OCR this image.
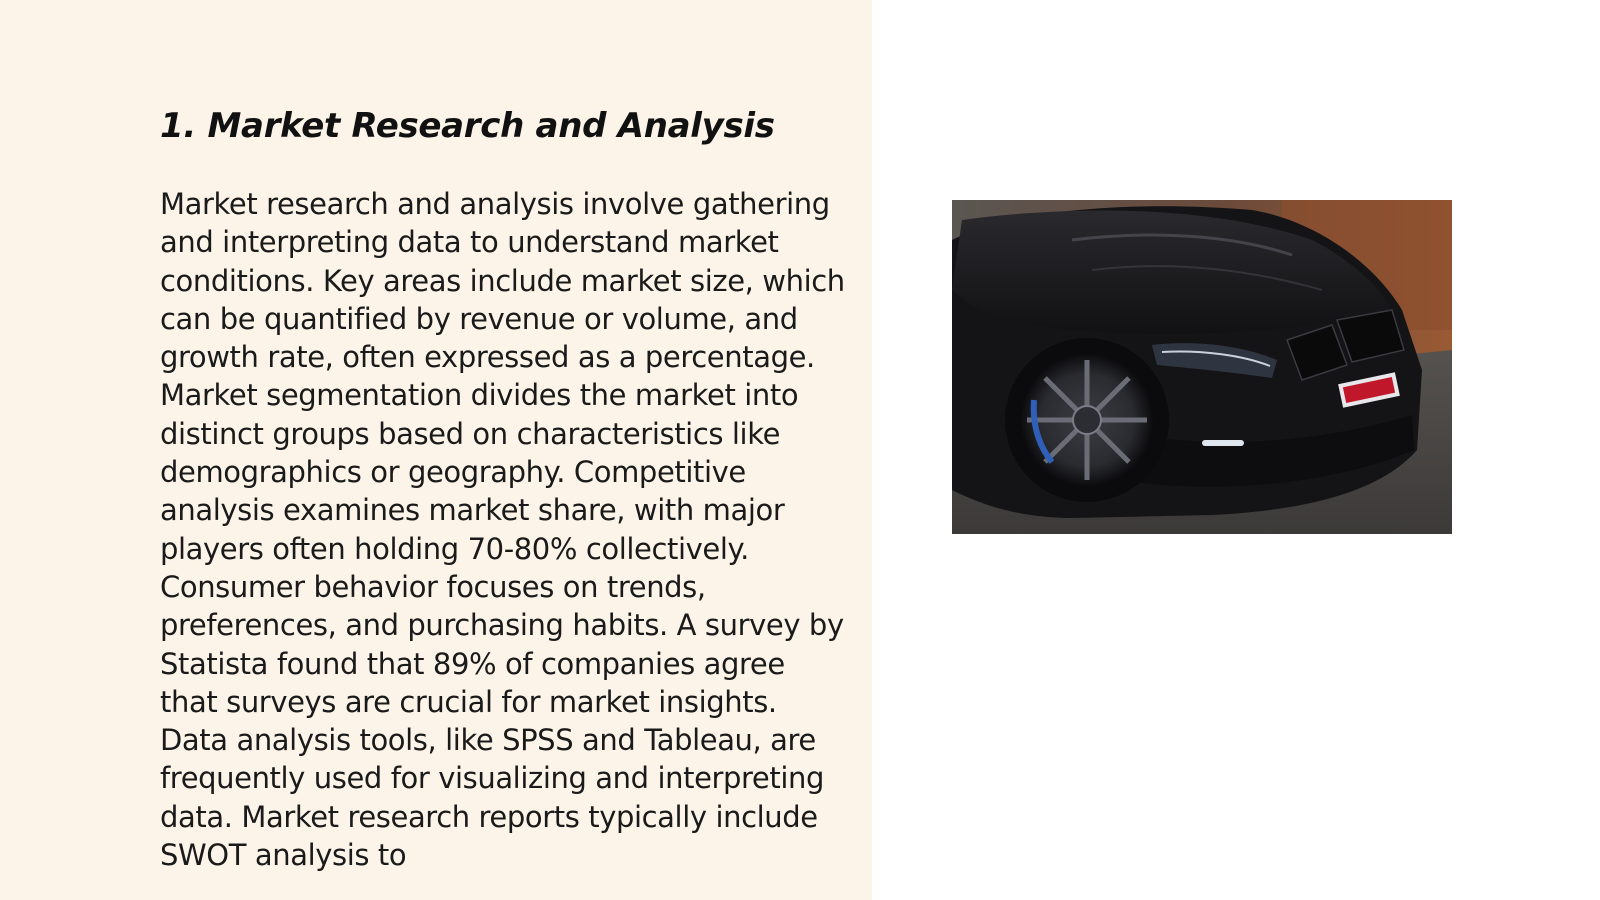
1. Market Research and Analysis

Market research and analysis involve gathering and interpreting data to understand market conditions. Key areas include market size, which can be quantified by revenue or volume, and growth rate, often expressed as a percentage. Market segmentation divides the market into distinct groups based on characteristics like demographics or geography. Competitive analysis examines market share, with major players often holding 70-80% collectively. Consumer behavior focuses on trends, preferences, and purchasing habits. A survey by Statista found that 89% of companies agree that surveys are crucial for market insights. Data analysis tools, like SPSS and Tableau, are frequently used for visualizing and interpreting data. Market research reports typically include SWOT analysis to
